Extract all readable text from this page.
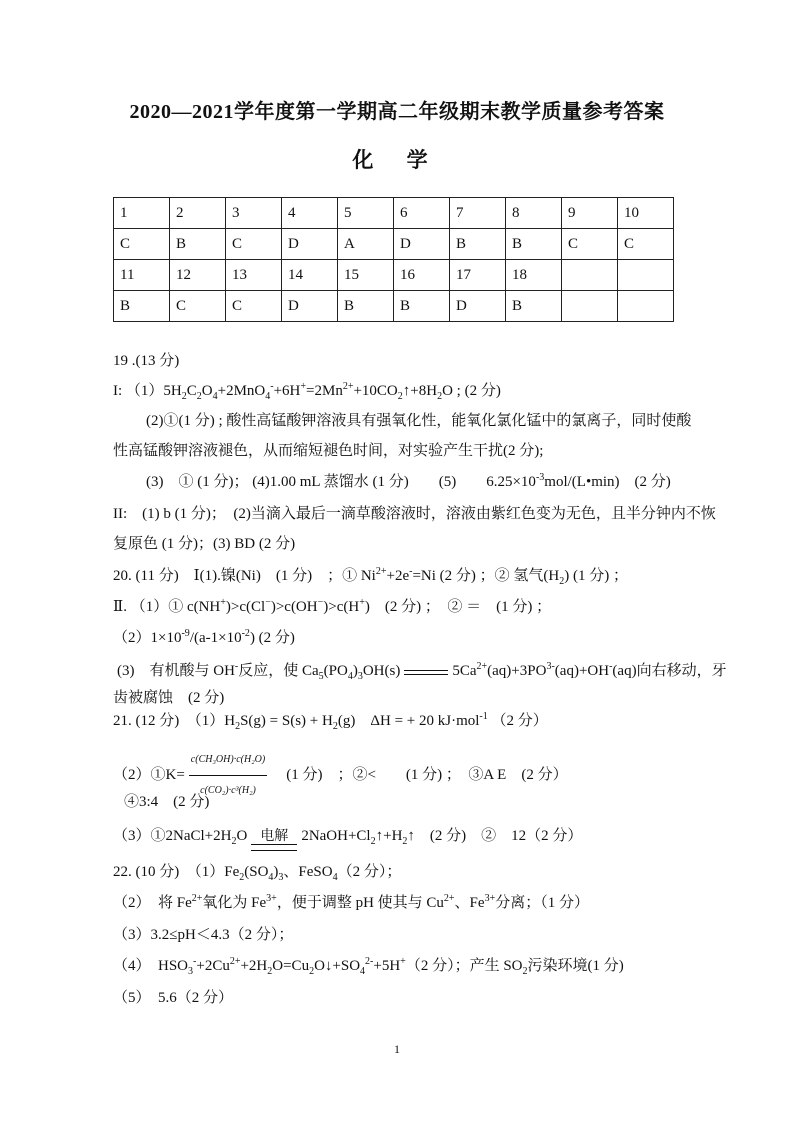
2020—2021学年度第一学期高二年级期末教学质量参考答案
化 学
1	2	3	4	5	6	7	8	9	10
C	B	C	D	A	D	B	B	C	C
11	12	13	14	15	16	17	18		
B	C	C	D	B	B	D	B		
19 .(13 分)
I: $(1)5H_2C_2O_4+2MnO_4^-+6H^+=2Mn^{2+}+10CO_2↑+8H_2O$ ; (2 分)
(2)①(1 分) ; 酸性高锰酸钾溶液具有强氧化性，能氧化氯化锰中的氯离子，同时使酸
性高锰酸钾溶液褪色，从而缩短褪色时间，对实验产生干扰(2 分);
(3)　① (1 分)； (4)1.00 mL 蒸馏水 (1 分)　　(5)　　$6.25\times 10^{-3}mol/(L•\min)$　(2 分)
II:　(1) b (1 分)；　(2)当滴入最后一滴草酸溶液时，溶液由紫红色变为无色，且半分钟内不恢
复原色 (1 分)；(3) BD (2 分)
20. (11 分)　Ⅰ(1).镍(Ni)　(1 分)　；① $Ni^{2+}+2e^-=Ni$ (2 分) ；② 氢气$(H_2)$ (1 分) ；
Ⅱ. （1）① c(NH+)>c(Cl−)>c(OH−)>c(H+)　(2 分) ；　② ＝　(1 分) ；
$(2)1\times 10^{-9}/(a-1\times 10^{-2})$ (2 分)
(3)　有机酸与 OH-反应，使 $Ca_5(PO_4)_3OH(s)$	$5Ca^{2+}(aq)+3PO^{3-}(aq)+OH^-(aq)$向右移动，牙
齿被腐蚀　(2 分)
21. (12 分)　$(1)H_2S(g) = S(s) + H_2(g)$　ΔH = + 20 kJ·mol$^{-1}$ （2 分）
（2）①K= $\frac{\text{c(CH₃OH)·c(H₂O)}}{\text{c(CO₂)·c³(H₂)}}$ 　(1 分)　；②<　　(1 分) ；　③A E　(2 分）
④3:4　(2 分)
$(3)①2NaCl+2H_2O$ 电解 $2NaOH+Cl_2↑+H_2↑$　(2 分)　②　12（2 分）
22. (10 分)　$(1)Fe_2(SO_4)_3$、FeSO$_4$（2 分）；
（2）　将 $Fe^{2+}$氧化为 $Fe^{3+}$，便于调整 pH 使其与 $Cu^{2+}$、$Fe^{3+}$分离；（1 分）
（3）3.2≤pH＜4.3（2 分）；
（4）　$HSO_3^-+2Cu^{2+}+2H_2O=Cu_2O↓+SO_4^{2-}+5H^+(2$ 分）；产生 $SO_2$污染环境(1 分)
（5）　5.6（2 分）
1
